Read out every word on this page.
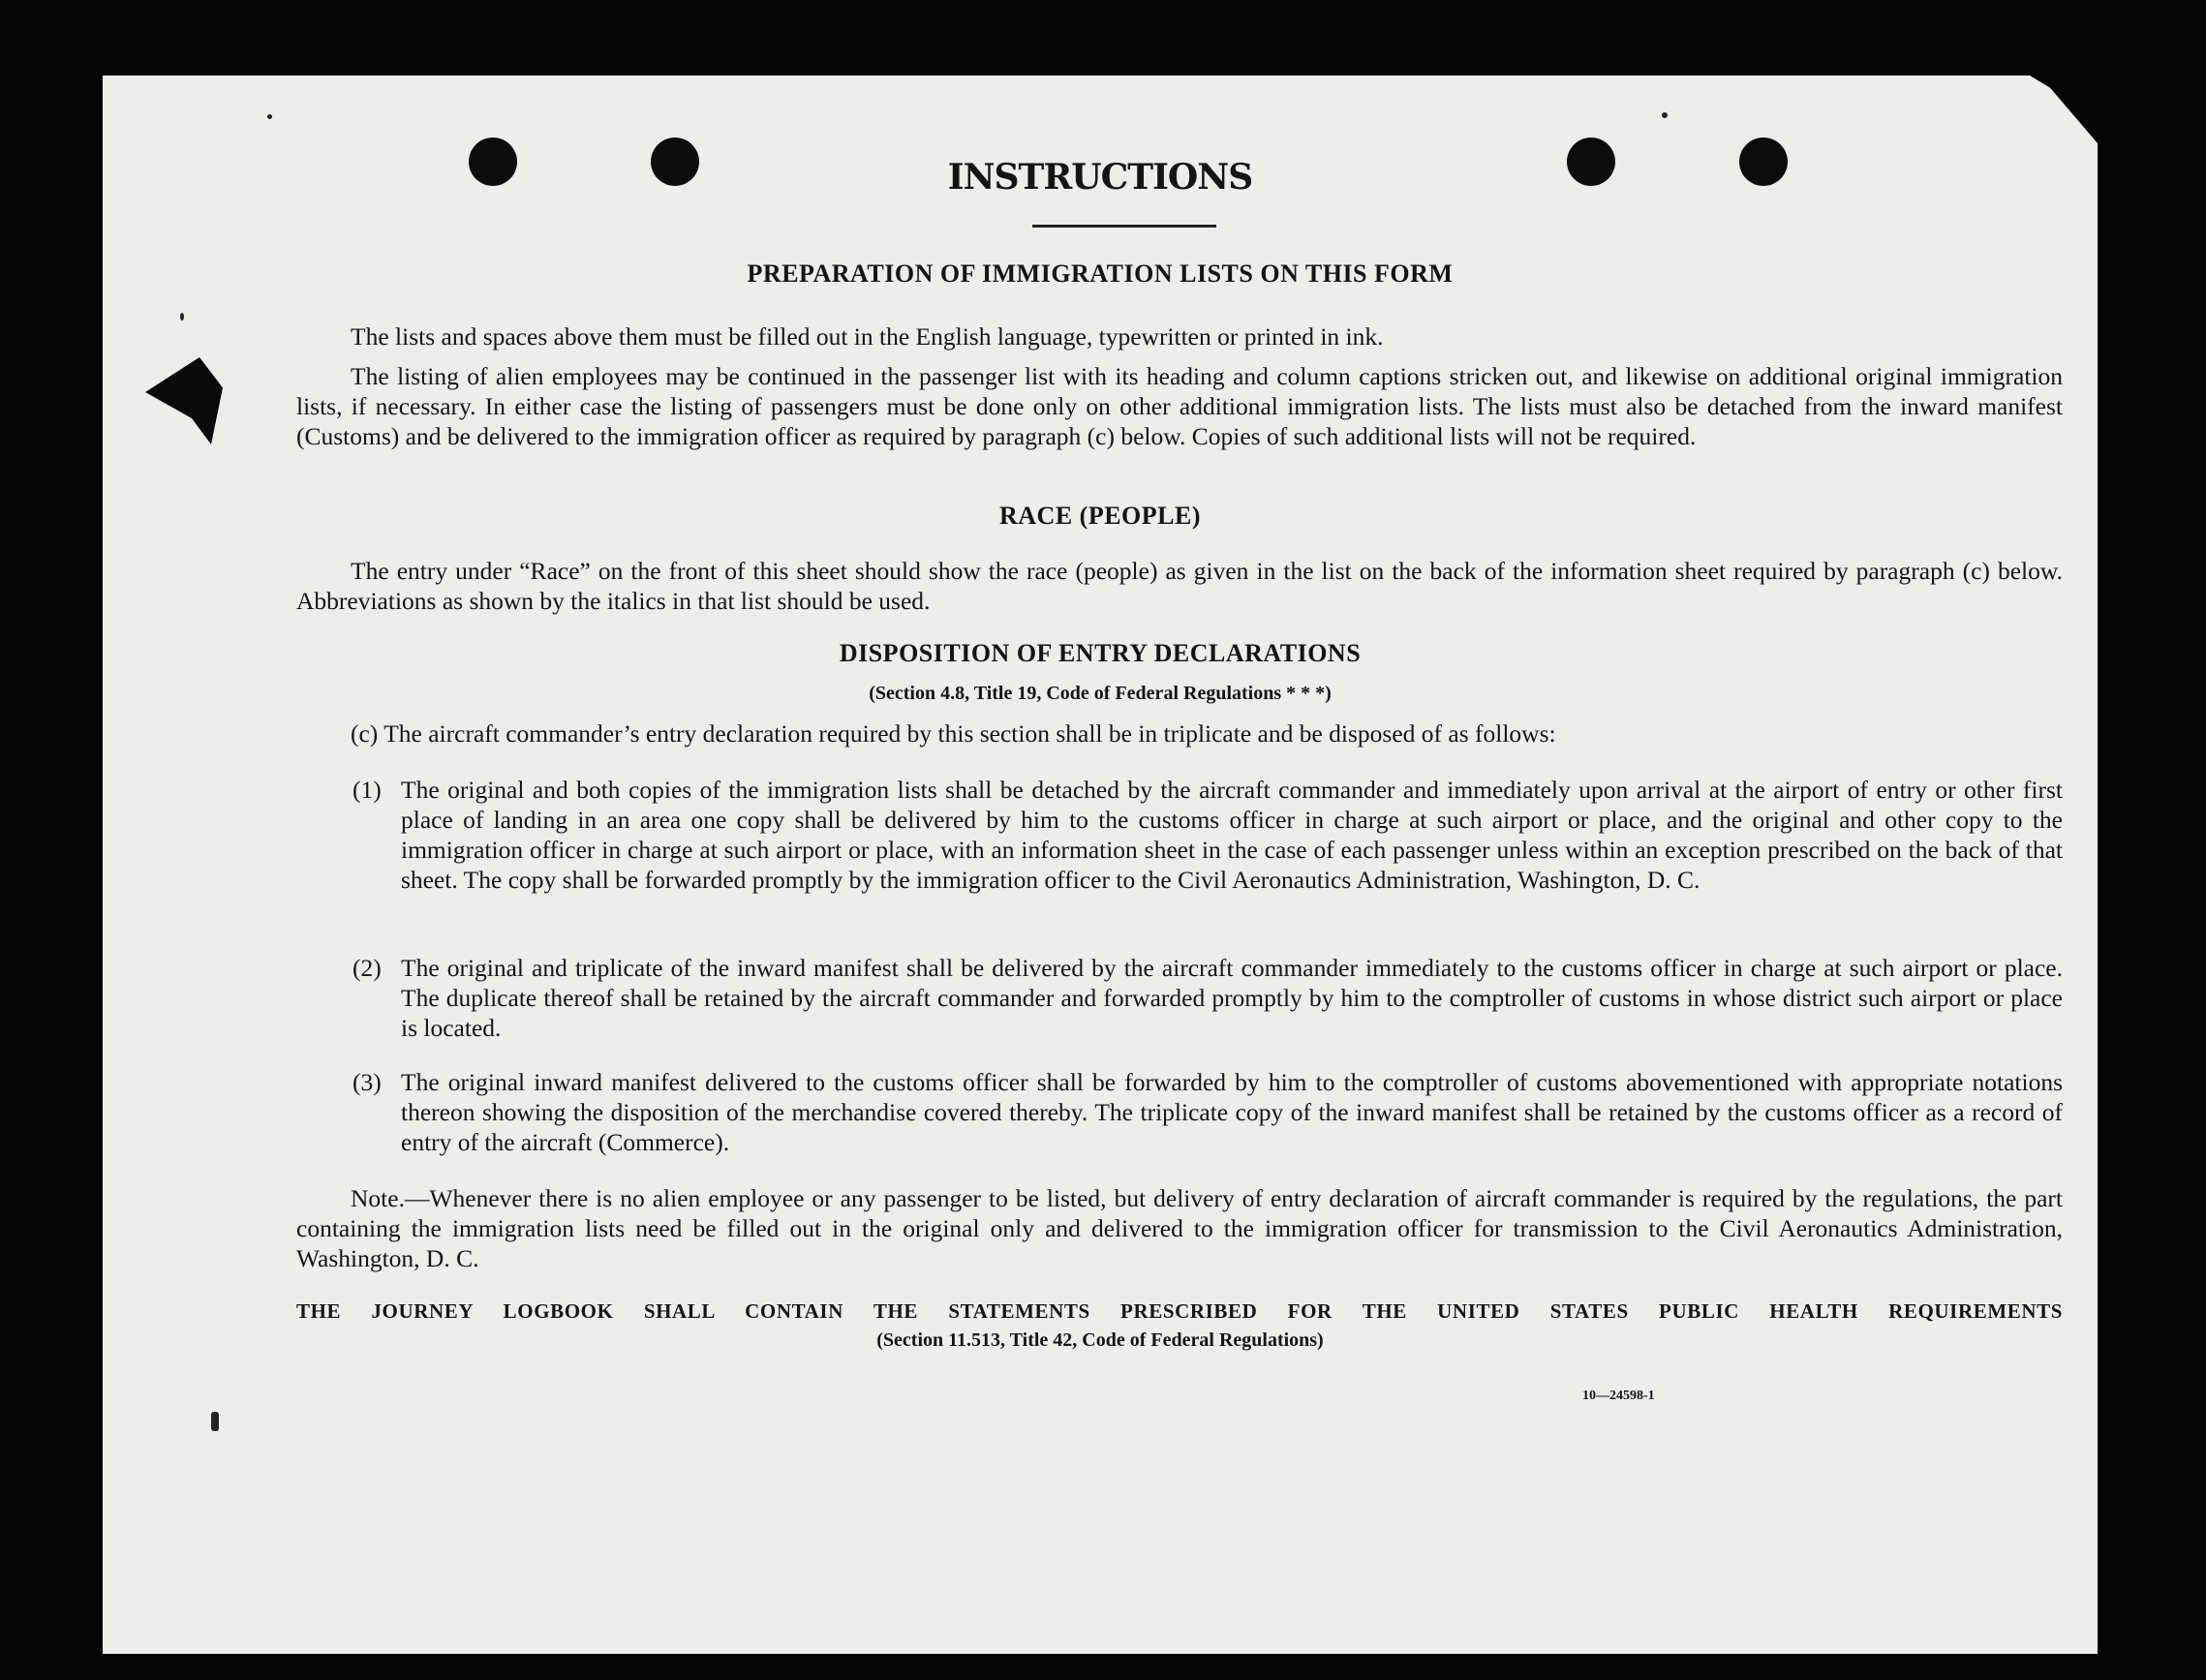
INSTRUCTIONS
PREPARATION OF IMMIGRATION LISTS ON THIS FORM
The lists and spaces above them must be filled out in the English language, typewritten or printed in ink.
The listing of alien employees may be continued in the passenger list with its heading and column captions stricken out, and likewise on additional original immigration lists, if necessary. In either case the listing of passengers must be done only on other additional immigration lists. The lists must also be detached from the inward manifest (Customs) and be delivered to the immigration officer as required by paragraph (c) below. Copies of such additional lists will not be required.
RACE (PEOPLE)
The entry under “Race” on the front of this sheet should show the race (people) as given in the list on the back of the information sheet required by paragraph (c) below. Abbreviations as shown by the italics in that list should be used.
DISPOSITION OF ENTRY DECLARATIONS
(Section 4.8, Title 19, Code of Federal Regulations * * *)
(c) The aircraft commander’s entry declaration required by this section shall be in triplicate and be disposed of as follows:
(1) The original and both copies of the immigration lists shall be detached by the aircraft commander and immediately upon arrival at the airport of entry or other first place of landing in an area one copy shall be delivered by him to the customs officer in charge at such airport or place, and the original and other copy to the immigration officer in charge at such airport or place, with an information sheet in the case of each passenger unless within an exception prescribed on the back of that sheet. The copy shall be forwarded promptly by the immigration officer to the Civil Aeronautics Administration, Washington, D. C.
(2) The original and triplicate of the inward manifest shall be delivered by the aircraft commander immediately to the customs officer in charge at such airport or place. The duplicate thereof shall be retained by the aircraft commander and forwarded promptly by him to the comptroller of customs in whose district such airport or place is located.
(3) The original inward manifest delivered to the customs officer shall be forwarded by him to the comptroller of customs abovementioned with appropriate notations thereon showing the disposition of the merchandise covered thereby. The triplicate copy of the inward manifest shall be retained by the customs officer as a record of entry of the aircraft (Commerce).
Note.—Whenever there is no alien employee or any passenger to be listed, but delivery of entry declaration of aircraft commander is required by the regulations, the part containing the immigration lists need be filled out in the original only and delivered to the immigration officer for transmission to the Civil Aeronautics Administration, Washington, D. C.
THE JOURNEY LOGBOOK SHALL CONTAIN THE STATEMENTS PRESCRIBED FOR THE UNITED STATES PUBLIC HEALTH REQUIREMENTS
(Section 11.513, Title 42, Code of Federal Regulations)
10—24598-1
